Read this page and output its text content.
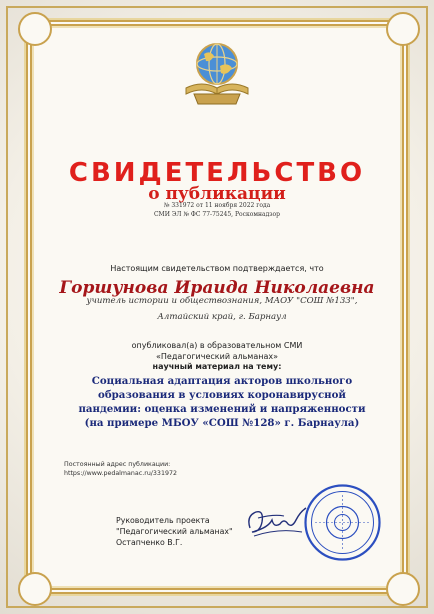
СВИДЕТЕЛЬСТВО
о публикации
№ 331972 от 11 ноября 2022 года
СМИ ЭЛ № ФС 77-75245, Роскомнадзор
Настоящим свидетельством подтверждается, что
Горшунова Ираида Николаевна
учитель истории и обществознания, МАОУ "СОШ №133", Алтайский край, г. Барнаул
опубликовал(а) в образовательном СМИ
«Педагогический альманах»
научный материал на тему:
Социальная адаптация акторов школьного образования в условиях коронавирусной пандемии: оценка изменений и напряженности (на примере МБОУ «СОШ №128» г. Барнаула)
Постоянный адрес публикации:
https://www.pedalmanac.ru/331972
Руководитель проекта
"Педагогический альманах"
Остапченко В.Г.
